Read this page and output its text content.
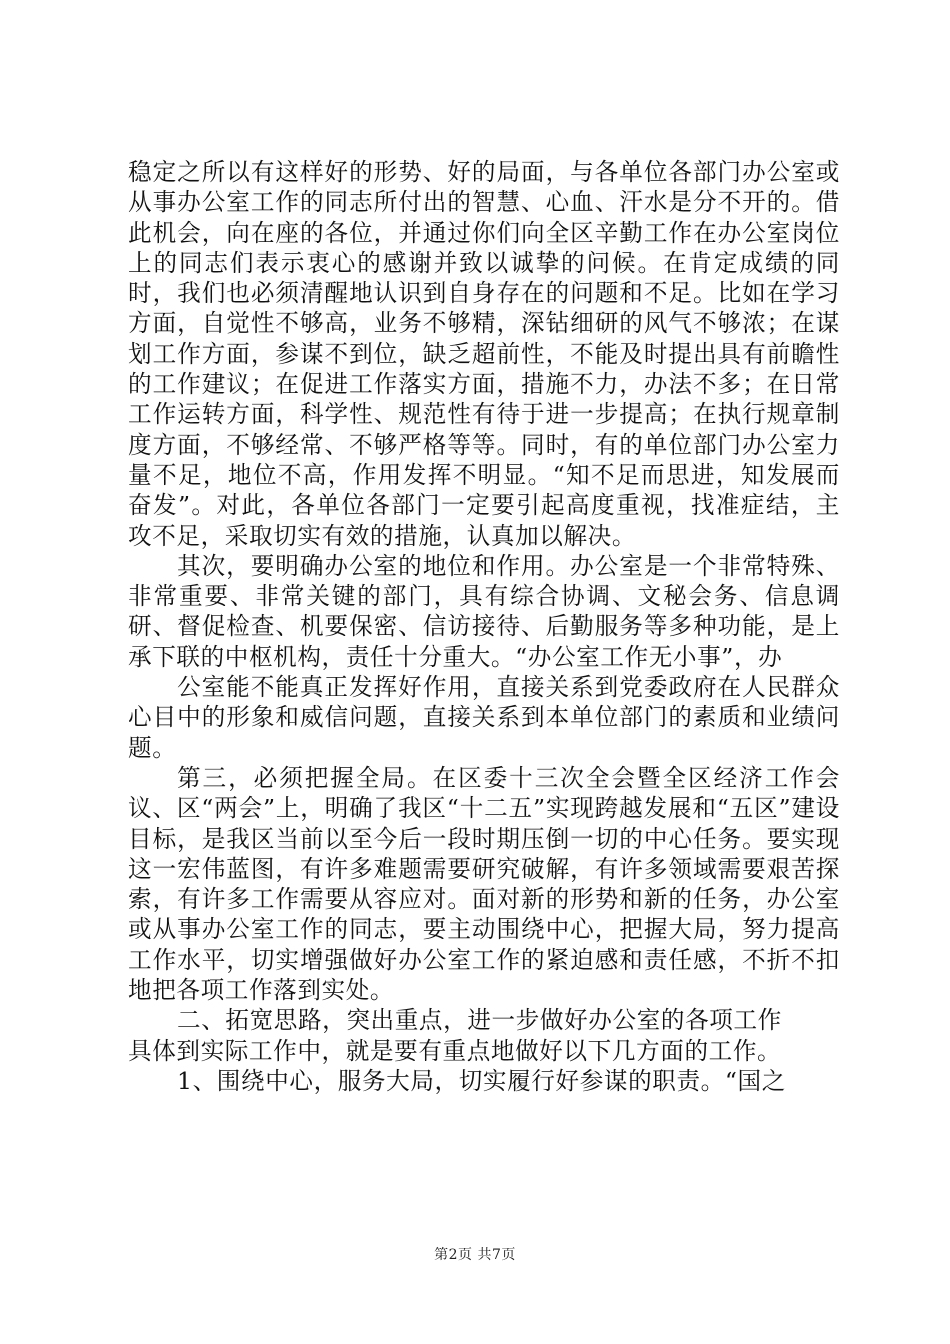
稳定之所以有这样好的形势、好的局面，与各单位各部门办公室或从事办公室工作的同志所付出的智慧、心血、汗水是分不开的。借此机会，向在座的各位，并通过你们向全区辛勤工作在办公室岗位上的同志们表示衷心的感谢并致以诚挚的问候。在肯定成绩的同时，我们也必须清醒地认识到自身存在的问题和不足。比如在学习方面，自觉性不够高，业务不够精，深钻细研的风气不够浓；在谋划工作方面，参谋不到位，缺乏超前性，不能及时提出具有前瞻性的工作建议；在促进工作落实方面，措施不力，办法不多；在日常工作运转方面，科学性、规范性有待于进一步提高；在执行规章制度方面，不够经常、不够严格等等。同时，有的单位部门办公室力量不足，地位不高，作用发挥不明显。“知不足而思进，知发展而奋发”。对此，各单位各部门一定要引起高度重视，找准症结，主攻不足，采取切实有效的措施，认真加以解决。

其次，要明确办公室的地位和作用。办公室是一个非常特殊、非常重要、非常关键的部门，具有综合协调、文秘会务、信息调研、督促检查、机要保密、信访接待、后勤服务等多种功能，是上承下联的中枢机构，责任十分重大。“办公室工作无小事”，办

公室能不能真正发挥好作用，直接关系到党委政府在人民群众心目中的形象和威信问题，直接关系到本单位部门的素质和业绩问题。

第三，必须把握全局。在区委十三次全会暨全区经济工作会议、区“两会”上，明确了我区“十二五”实现跨越发展和“五区”建设目标，是我区当前以至今后一段时期压倒一切的中心任务。要实现这一宏伟蓝图，有许多难题需要研究破解，有许多领域需要艰苦探索，有许多工作需要从容应对。面对新的形势和新的任务，办公室或从事办公室工作的同志，要主动围绕中心，把握大局，努力提高工作水平，切实增强做好办公室工作的紧迫感和责任感，不折不扣地把各项工作落到实处。

二、拓宽思路，突出重点，进一步做好办公室的各项工作

具体到实际工作中，就是要有重点地做好以下几方面的工作。

1、围绕中心，服务大局，切实履行好参谋的职责。“国之

第2页 共7页
